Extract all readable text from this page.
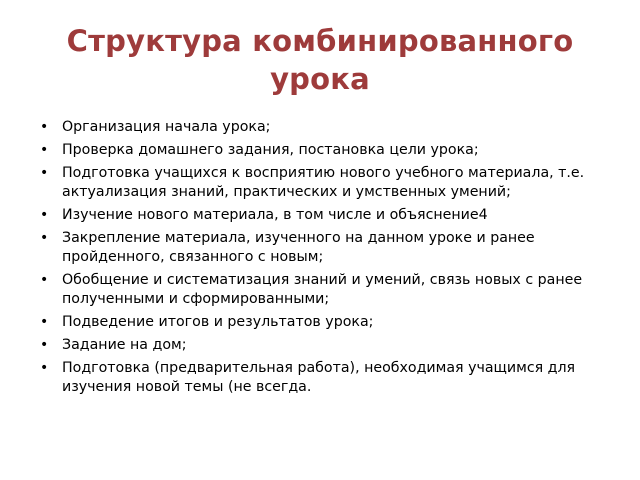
Структура комбинированного урока
• Организация начала урока;
• Проверка домашнего задания, постановка цели урока;
• Подготовка учащихся к восприятию нового учебного материала, т.е. актуализация знаний, практических и умственных умений;
• Изучение нового материала, в том числе и объяснение4
• Закрепление материала, изученного на данном уроке и ранее пройденного, связанного с новым;
• Обобщение и систематизация знаний и умений, связь новых с ранее полученными и сформированными;
• Подведение итогов и результатов урока;
• Задание на дом;
• Подготовка (предварительная работа), необходимая учащимся для изучения новой темы (не всегда.
